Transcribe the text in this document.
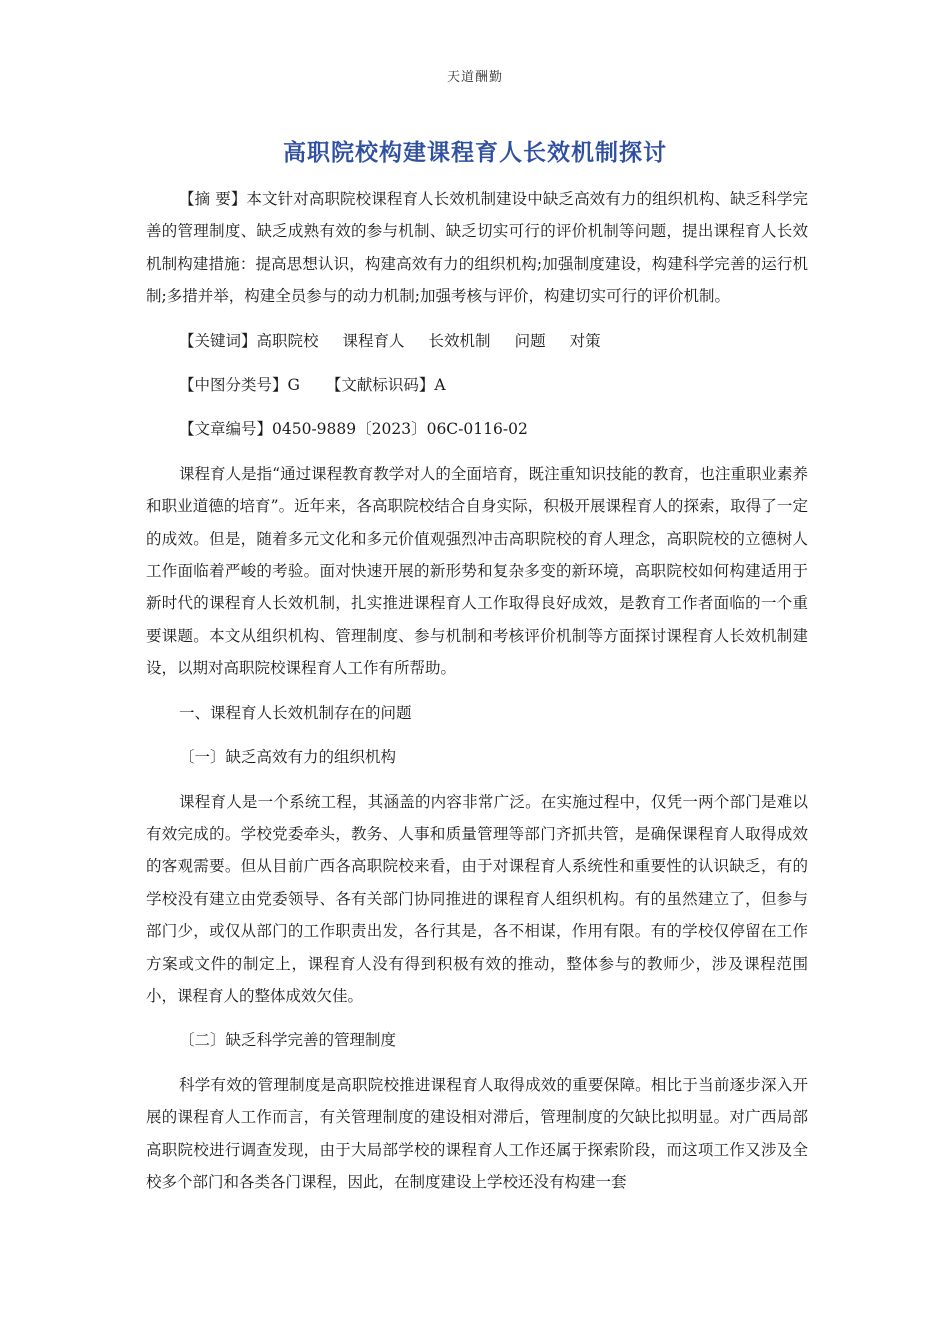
天道酬勤
高职院校构建课程育人长效机制探讨

【摘 要】本文针对高职院校课程育人长效机制建设中缺乏高效有力的组织机构、缺乏科学完善的管理制度、缺乏成熟有效的参与机制、缺乏切实可行的评价机制等问题，提出课程育人长效机制构建措施：提高思想认识，构建高效有力的组织机构;加强制度建设，构建科学完善的运行机制;多措并举，构建全员参与的动力机制;加强考核与评价，构建切实可行的评价机制。

【关键词】高职院校 课程育人 长效机制 问题 对策

【中图分类号】G 【文献标识码】A

【文章编号】0450-9889〔2023〕06C-0116-02

课程育人是指“通过课程教育教学对人的全面培育，既注重知识技能的教育，也注重职业素养和职业道德的培育”。近年来，各高职院校结合自身实际，积极开展课程育人的探索，取得了一定的成效。但是，随着多元文化和多元价值观强烈冲击高职院校的育人理念，高职院校的立德树人工作面临着严峻的考验。面对快速开展的新形势和复杂多变的新环境，高职院校如何构建适用于新时代的课程育人长效机制，扎实推进课程育人工作取得良好成效，是教育工作者面临的一个重要课题。本文从组织机构、管理制度、参与机制和考核评价机制等方面探讨课程育人长效机制建设，以期对高职院校课程育人工作有所帮助。

一、课程育人长效机制存在的问题

〔一〕缺乏高效有力的组织机构

课程育人是一个系统工程，其涵盖的内容非常广泛。在实施过程中，仅凭一两个部门是难以有效完成的。学校党委牵头，教务、人事和质量管理等部门齐抓共管，是确保课程育人取得成效的客观需要。但从目前广西各高职院校来看，由于对课程育人系统性和重要性的认识缺乏，有的学校没有建立由党委领导、各有关部门协同推进的课程育人组织机构。有的虽然建立了，但参与部门少，或仅从部门的工作职责出发，各行其是，各不相谋，作用有限。有的学校仅停留在工作方案或文件的制定上，课程育人没有得到积极有效的推动，整体参与的教师少，涉及课程范围小，课程育人的整体成效欠佳。

〔二〕缺乏科学完善的管理制度

科学有效的管理制度是高职院校推进课程育人取得成效的重要保障。相比于当前逐步深入开展的课程育人工作而言，有关管理制度的建设相对滞后，管理制度的欠缺比拟明显。对广西局部高职院校进行调查发现，由于大局部学校的课程育人工作还属于探索阶段，而这项工作又涉及全校多个部门和各类各门课程，因此，在制度建设上学校还没有构建一套
